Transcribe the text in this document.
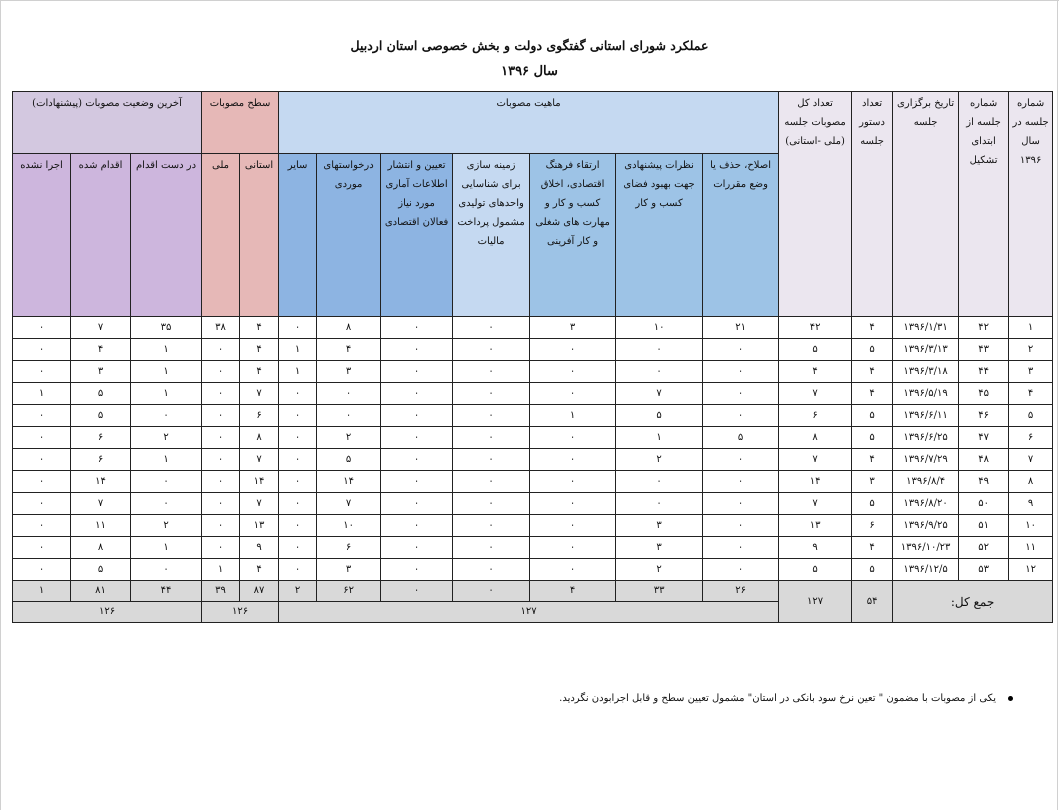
عملکرد شورای استانی گفتگوی دولت و بخش خصوصی استان اردبیل
سال ۱۳۹۶
شماره جلسه در سال ۱۳۹۶	شماره جلسه از ابتدای تشکیل	تاریخ برگزاری جلسه	تعداد دستور جلسه	تعداد کل مصوبات جلسه (ملی -استانی)	ماهیت مصوبات							سطح مصوبات		آخرین وضعیت مصوبات (پیشنهادات)		
					اصلاح، حذف یا وضع مقررات	نظرات پیشنهادی جهت بهبود فضای کسب و کار	ارتقاء فرهنگ اقتصادی، اخلاق کسب و کار و مهارت های شغلی و کار آفرینی	زمینه سازی برای شناسایی واحدهای تولیدی مشمول پرداخت مالیات	تعیین و انتشار اطلاعات آماری مورد نیاز فعالان اقتصادی	درخواستهای موردی	سایر	استانی	ملی	در دست اقدام	اقدام شده	اجرا نشده
۱	۴۲	۱۳۹۶/۱/۳۱	۴	۴۲	۲۱	۱۰	۳	۰	۰	۸	۰	۴	۳۸	۳۵	۷	۰
۲	۴۳	۱۳۹۶/۳/۱۳	۵	۵	۰	۰	۰	۰	۰	۴	۱	۴	۰	۱	۴	۰
۳	۴۴	۱۳۹۶/۳/۱۸	۴	۴	۰	۰	۰	۰	۰	۳	۱	۴	۰	۱	۳	۰
۴	۴۵	۱۳۹۶/۵/۱۹	۴	۷	۰	۷	۰	۰	۰	۰	۰	۷	۰	۱	۵	۱
۵	۴۶	۱۳۹۶/۶/۱۱	۵	۶	۰	۵	۱	۰	۰	۰	۰	۶	۰	۰	۵	۰
۶	۴۷	۱۳۹۶/۶/۲۵	۵	۸	۵	۱	۰	۰	۰	۲	۰	۸	۰	۲	۶	۰
۷	۴۸	۱۳۹۶/۷/۲۹	۴	۷	۰	۲	۰	۰	۰	۵	۰	۷	۰	۱	۶	۰
۸	۴۹	۱۳۹۶/۸/۴	۳	۱۴	۰	۰	۰	۰	۰	۱۴	۰	۱۴	۰	۰	۱۴	۰
۹	۵۰	۱۳۹۶/۸/۲۰	۵	۷	۰	۰	۰	۰	۰	۷	۰	۷	۰	۰	۷	۰
۱۰	۵۱	۱۳۹۶/۹/۲۵	۶	۱۳	۰	۳	۰	۰	۰	۱۰	۰	۱۳	۰	۲	۱۱	۰
۱۱	۵۲	۱۳۹۶/۱۰/۲۳	۴	۹	۰	۳	۰	۰	۰	۶	۰	۹	۰	۱	۸	۰
۱۲	۵۳	۱۳۹۶/۱۲/۵	۵	۵	۰	۲	۰	۰	۰	۳	۰	۴	۱	۰	۵	۰
جمع کل:			۵۴	۱۲۷	۲۶	۳۳	۴	۰	۰	۶۲	۲	۸۷	۳۹	۴۴	۸۱	۱
					۱۲۷							۱۲۶		۱۲۶		
یکی از مصوبات با مضمون " تعین نرخ سود بانکی در استان" مشمول تعیین سطح و قابل اجرابودن نگردید.
